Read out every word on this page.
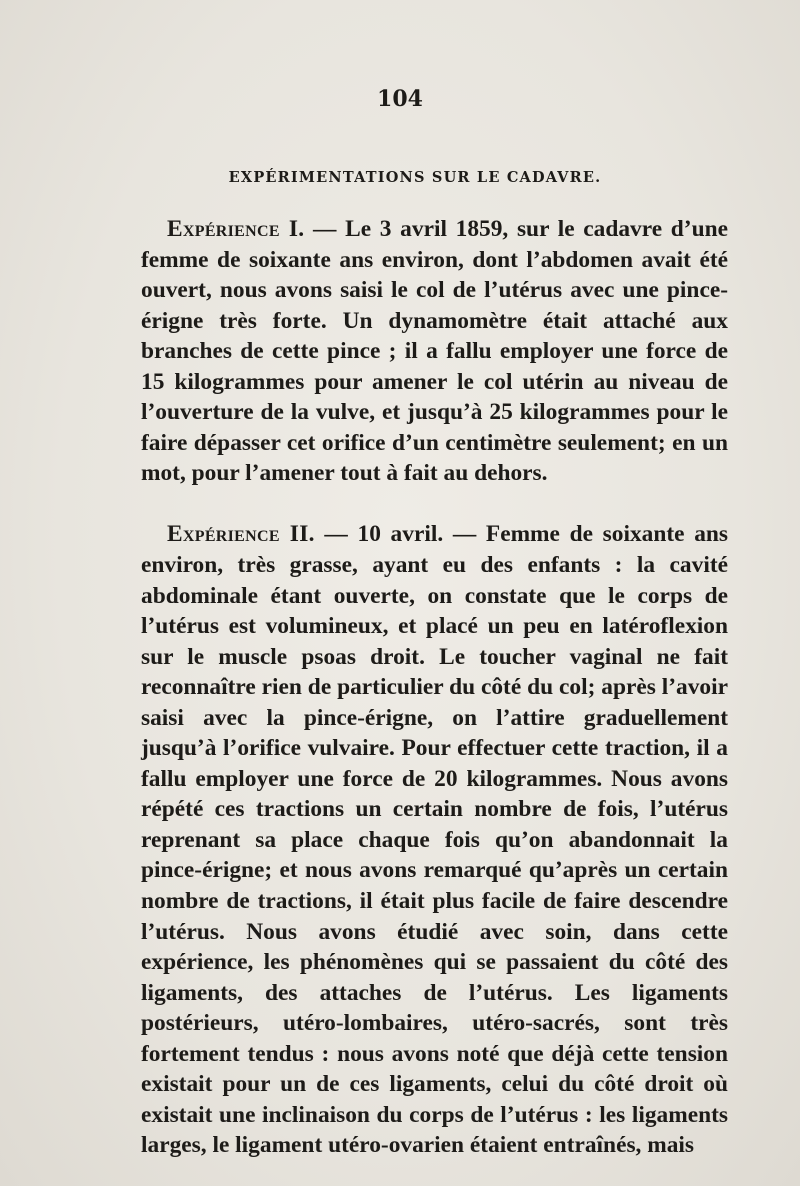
104
EXPÉRIMENTATIONS SUR LE CADAVRE.

Expérience I. — Le 3 avril 1859, sur le cadavre d’une femme de soixante ans environ, dont l’abdomen avait été ouvert, nous avons saisi le col de l’utérus avec une pince-érigne très forte. Un dynamomètre était attaché aux branches de cette pince ; il a fallu employer une force de 15 kilogrammes pour amener le col utérin au niveau de l’ouverture de la vulve, et jusqu’à 25 kilogrammes pour le faire dépasser cet orifice d’un centimètre seulement; en un mot, pour l’amener tout à fait au dehors.

Expérience II. — 10 avril. — Femme de soixante ans environ, très grasse, ayant eu des enfants : la cavité abdominale étant ouverte, on constate que le corps de l’utérus est volumineux, et placé un peu en latéroflexion sur le muscle psoas droit. Le toucher vaginal ne fait reconnaître rien de particulier du côté du col; après l’avoir saisi avec la pince-érigne, on l’attire graduellement jusqu’à l’orifice vulvaire. Pour effectuer cette traction, il a fallu employer une force de 20 kilogrammes. Nous avons répété ces tractions un certain nombre de fois, l’utérus reprenant sa place chaque fois qu’on abandonnait la pince-érigne; et nous avons remarqué qu’après un certain nombre de tractions, il était plus facile de faire descendre l’utérus. Nous avons étudié avec soin, dans cette expérience, les phénomènes qui se passaient du côté des ligaments, des attaches de l’utérus. Les ligaments postérieurs, utéro-lombaires, utéro-sacrés, sont très fortement tendus : nous avons noté que déjà cette tension existait pour un de ces ligaments, celui du côté droit où existait une inclinaison du corps de l’utérus : les ligaments larges, le ligament utéro-ovarien étaient entraînés, mais
